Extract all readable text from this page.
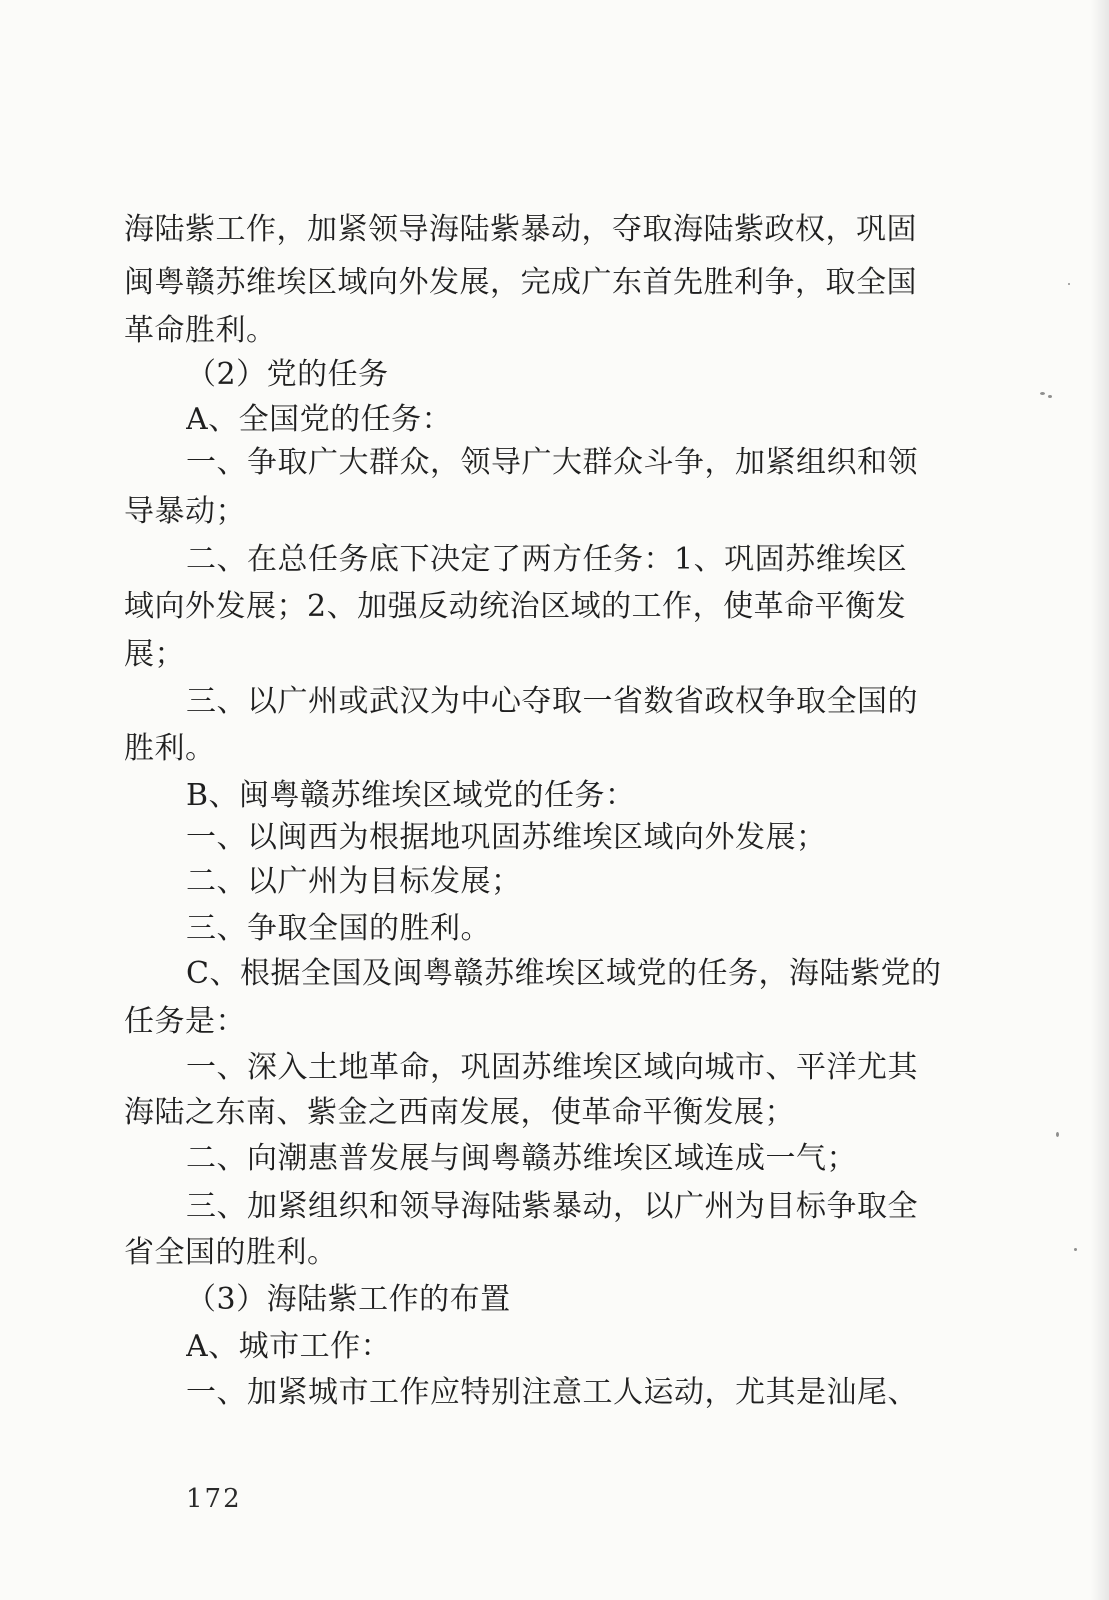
海陆紫工作，加紧领导海陆紫暴动，夺取海陆紫政权，巩固
闽粤赣苏维埃区域向外发展，完成广东首先胜利争，取全国
革命胜利。
（2）党的任务
A、全国党的任务：
一、争取广大群众，领导广大群众斗争，加紧组织和领
导暴动；
二、在总任务底下决定了两方任务：1、巩固苏维埃区
域向外发展；2、加强反动统治区域的工作，使革命平衡发
展；
三、以广州或武汉为中心夺取一省数省政权争取全国的
胜利。
B、闽粤赣苏维埃区域党的任务：
一、以闽西为根据地巩固苏维埃区域向外发展；
二、以广州为目标发展；
三、争取全国的胜利。
C、根据全国及闽粤赣苏维埃区域党的任务，海陆紫党的
任务是：
一、深入土地革命，巩固苏维埃区域向城市、平洋尤其
海陆之东南、紫金之西南发展，使革命平衡发展；
二、向潮惠普发展与闽粤赣苏维埃区域连成一气；
三、加紧组织和领导海陆紫暴动，以广州为目标争取全
省全国的胜利。
（3）海陆紫工作的布置
A、城市工作：
一、加紧城市工作应特别注意工人运动，尤其是汕尾、
172
